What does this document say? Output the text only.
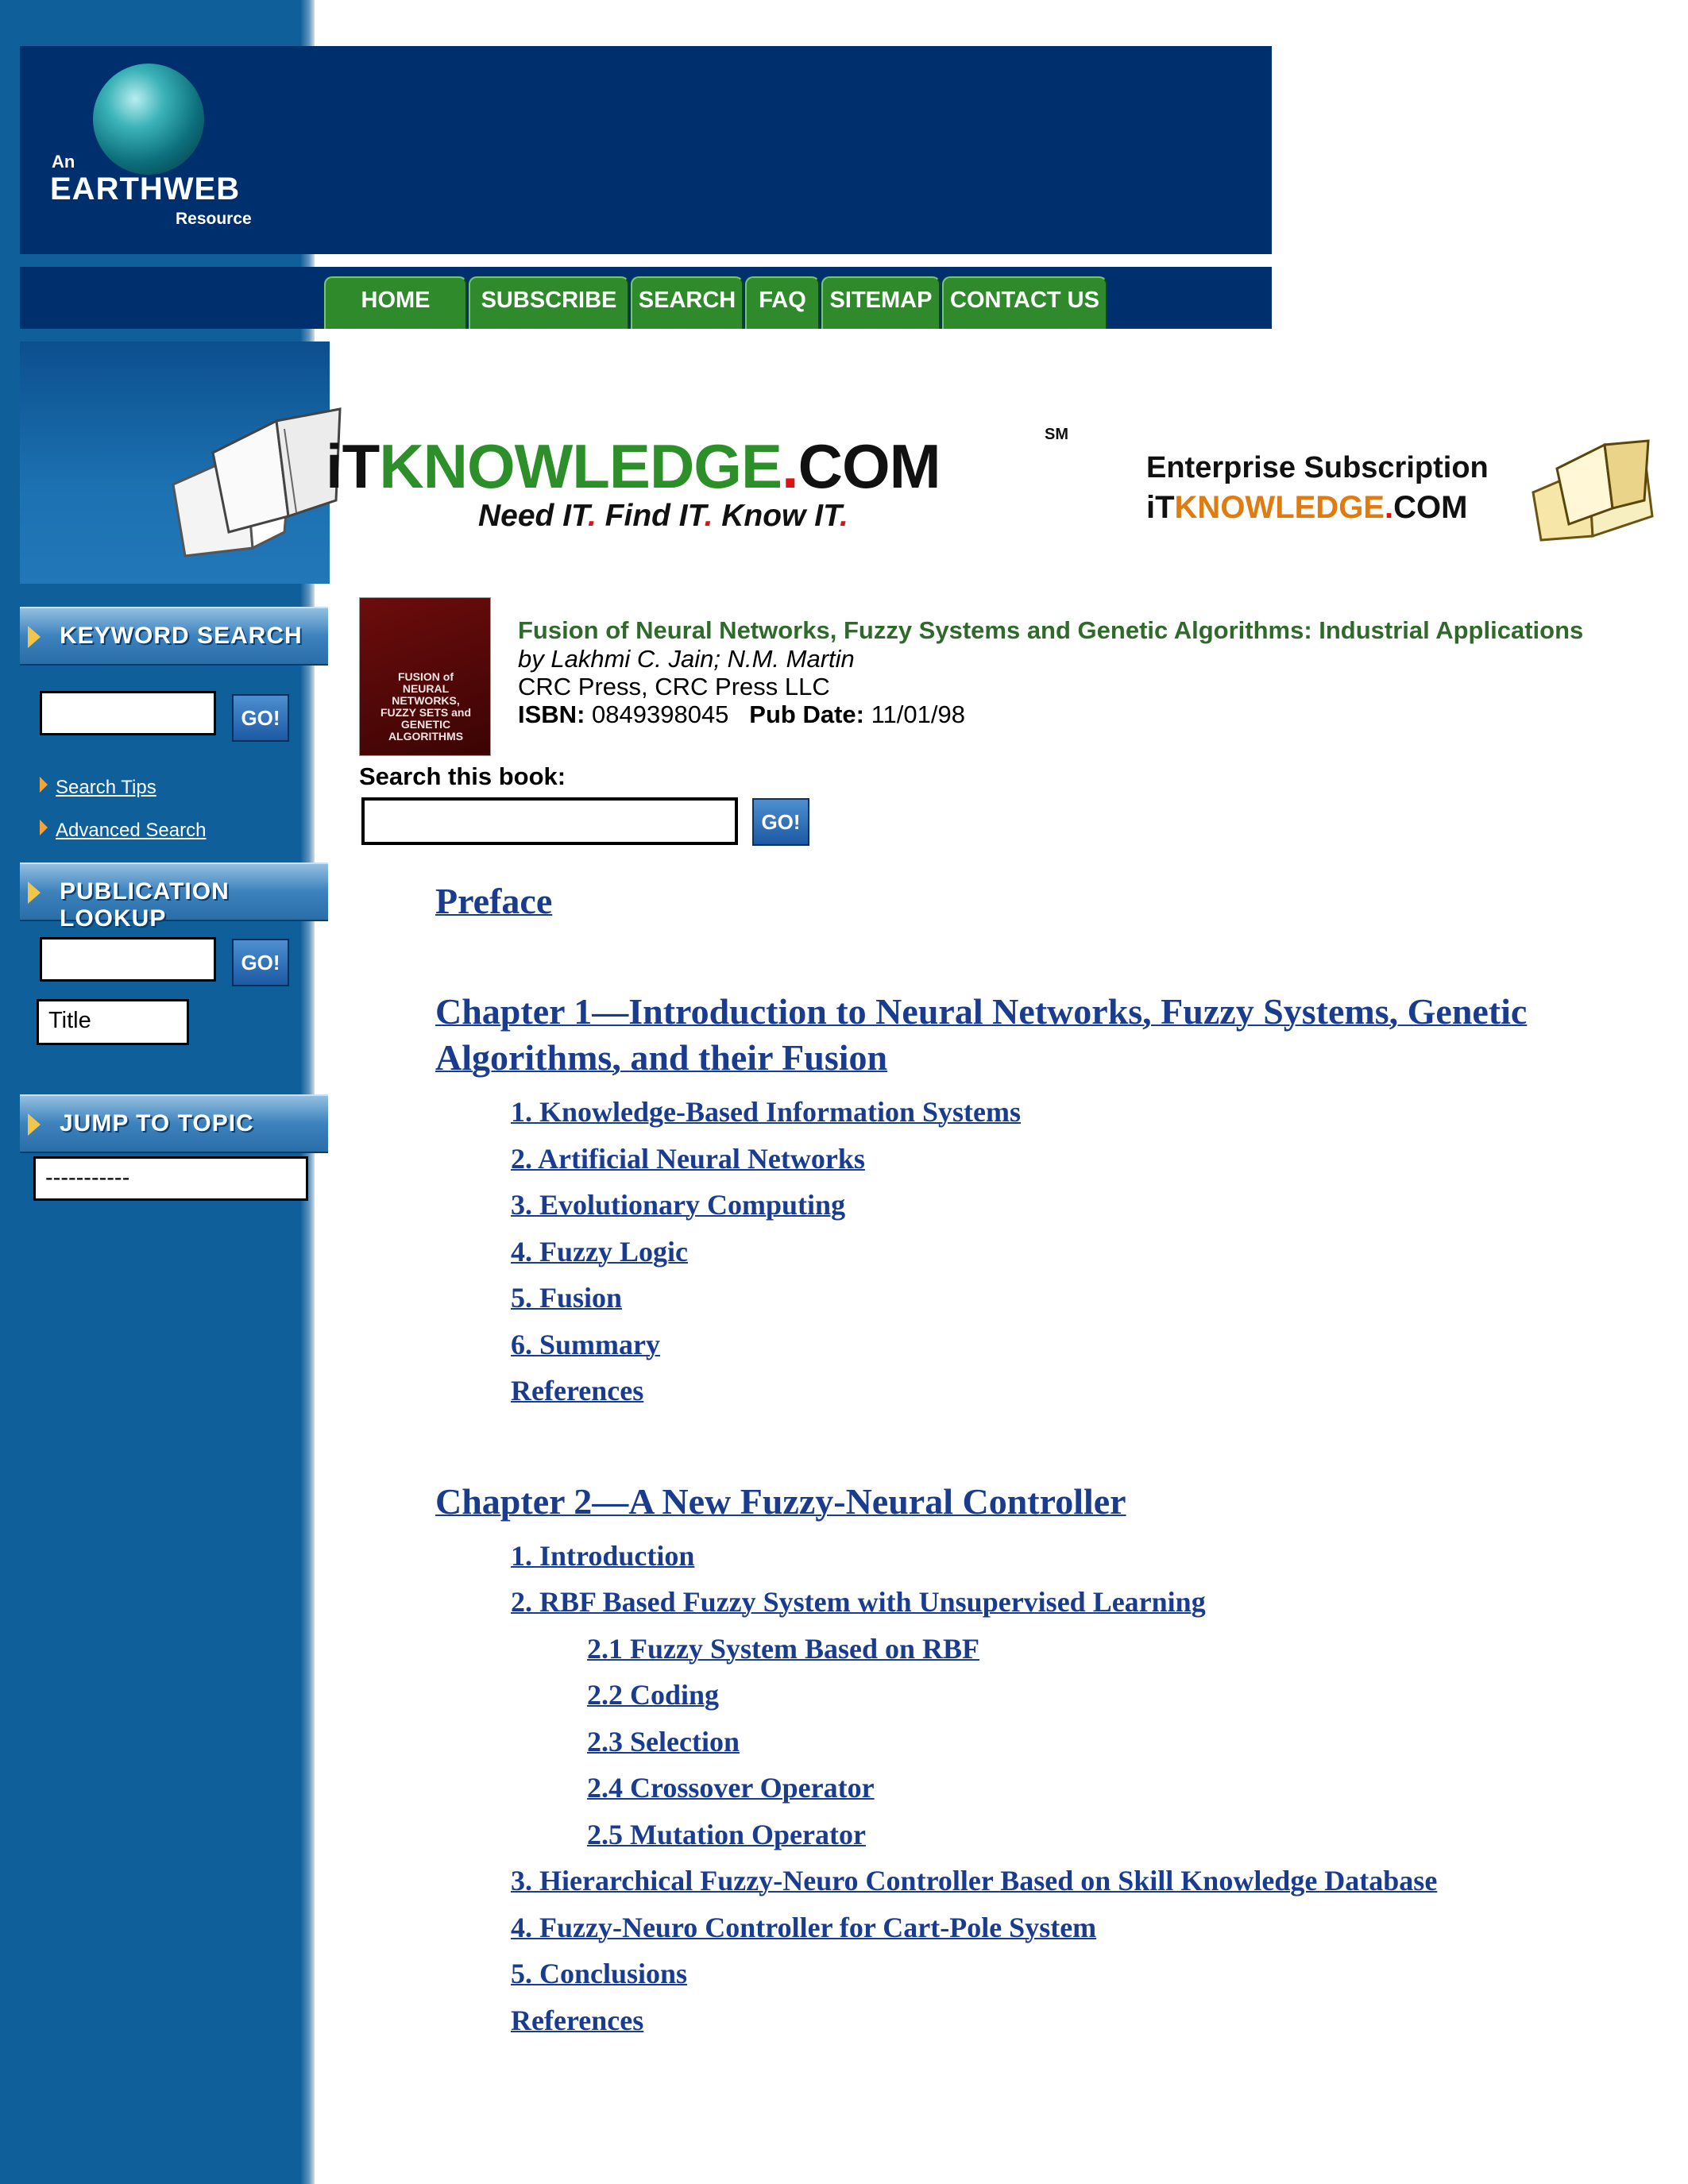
An
EARTHWEB
Resource
HOME	SUBSCRIBE SEARCH FAQ	SITEMAP CONTACT US
iTKNOWLEDGE.COM	SM
Need IT. Find IT. Know IT.
Enterprise Subscription
iTKNOWLEDGE.COM
KEYWORD SEARCH
GO!
Search Tips
Advanced Search
PUBLICATION LOOKUP
GO!
Title
JUMP TO TOPIC
-----------
FUSION of NEURAL NETWORKS, FUZZY SETS and GENETIC ALGORITHMS
Fusion of Neural Networks, Fuzzy Systems and Genetic Algorithms: Industrial Applications
by Lakhmi C. Jain; N.M. Martin
CRC Press, CRC Press LLC
ISBN: 0849398045 Pub Date: 11/01/98
Search this book:
GO!
Preface
Chapter 1—Introduction to Neural Networks, Fuzzy Systems, Genetic
Algorithms, and their Fusion
1. Knowledge-Based Information Systems
2. Artificial Neural Networks
3. Evolutionary Computing
4. Fuzzy Logic
5. Fusion
6. Summary
References
Chapter 2—A New Fuzzy-Neural Controller
1. Introduction
2. RBF Based Fuzzy System with Unsupervised Learning
2.1 Fuzzy System Based on RBF
2.2 Coding
2.3 Selection
2.4 Crossover Operator
2.5 Mutation Operator
3. Hierarchical Fuzzy-Neuro Controller Based on Skill Knowledge Database
4. Fuzzy-Neuro Controller for Cart-Pole System
5. Conclusions
References
